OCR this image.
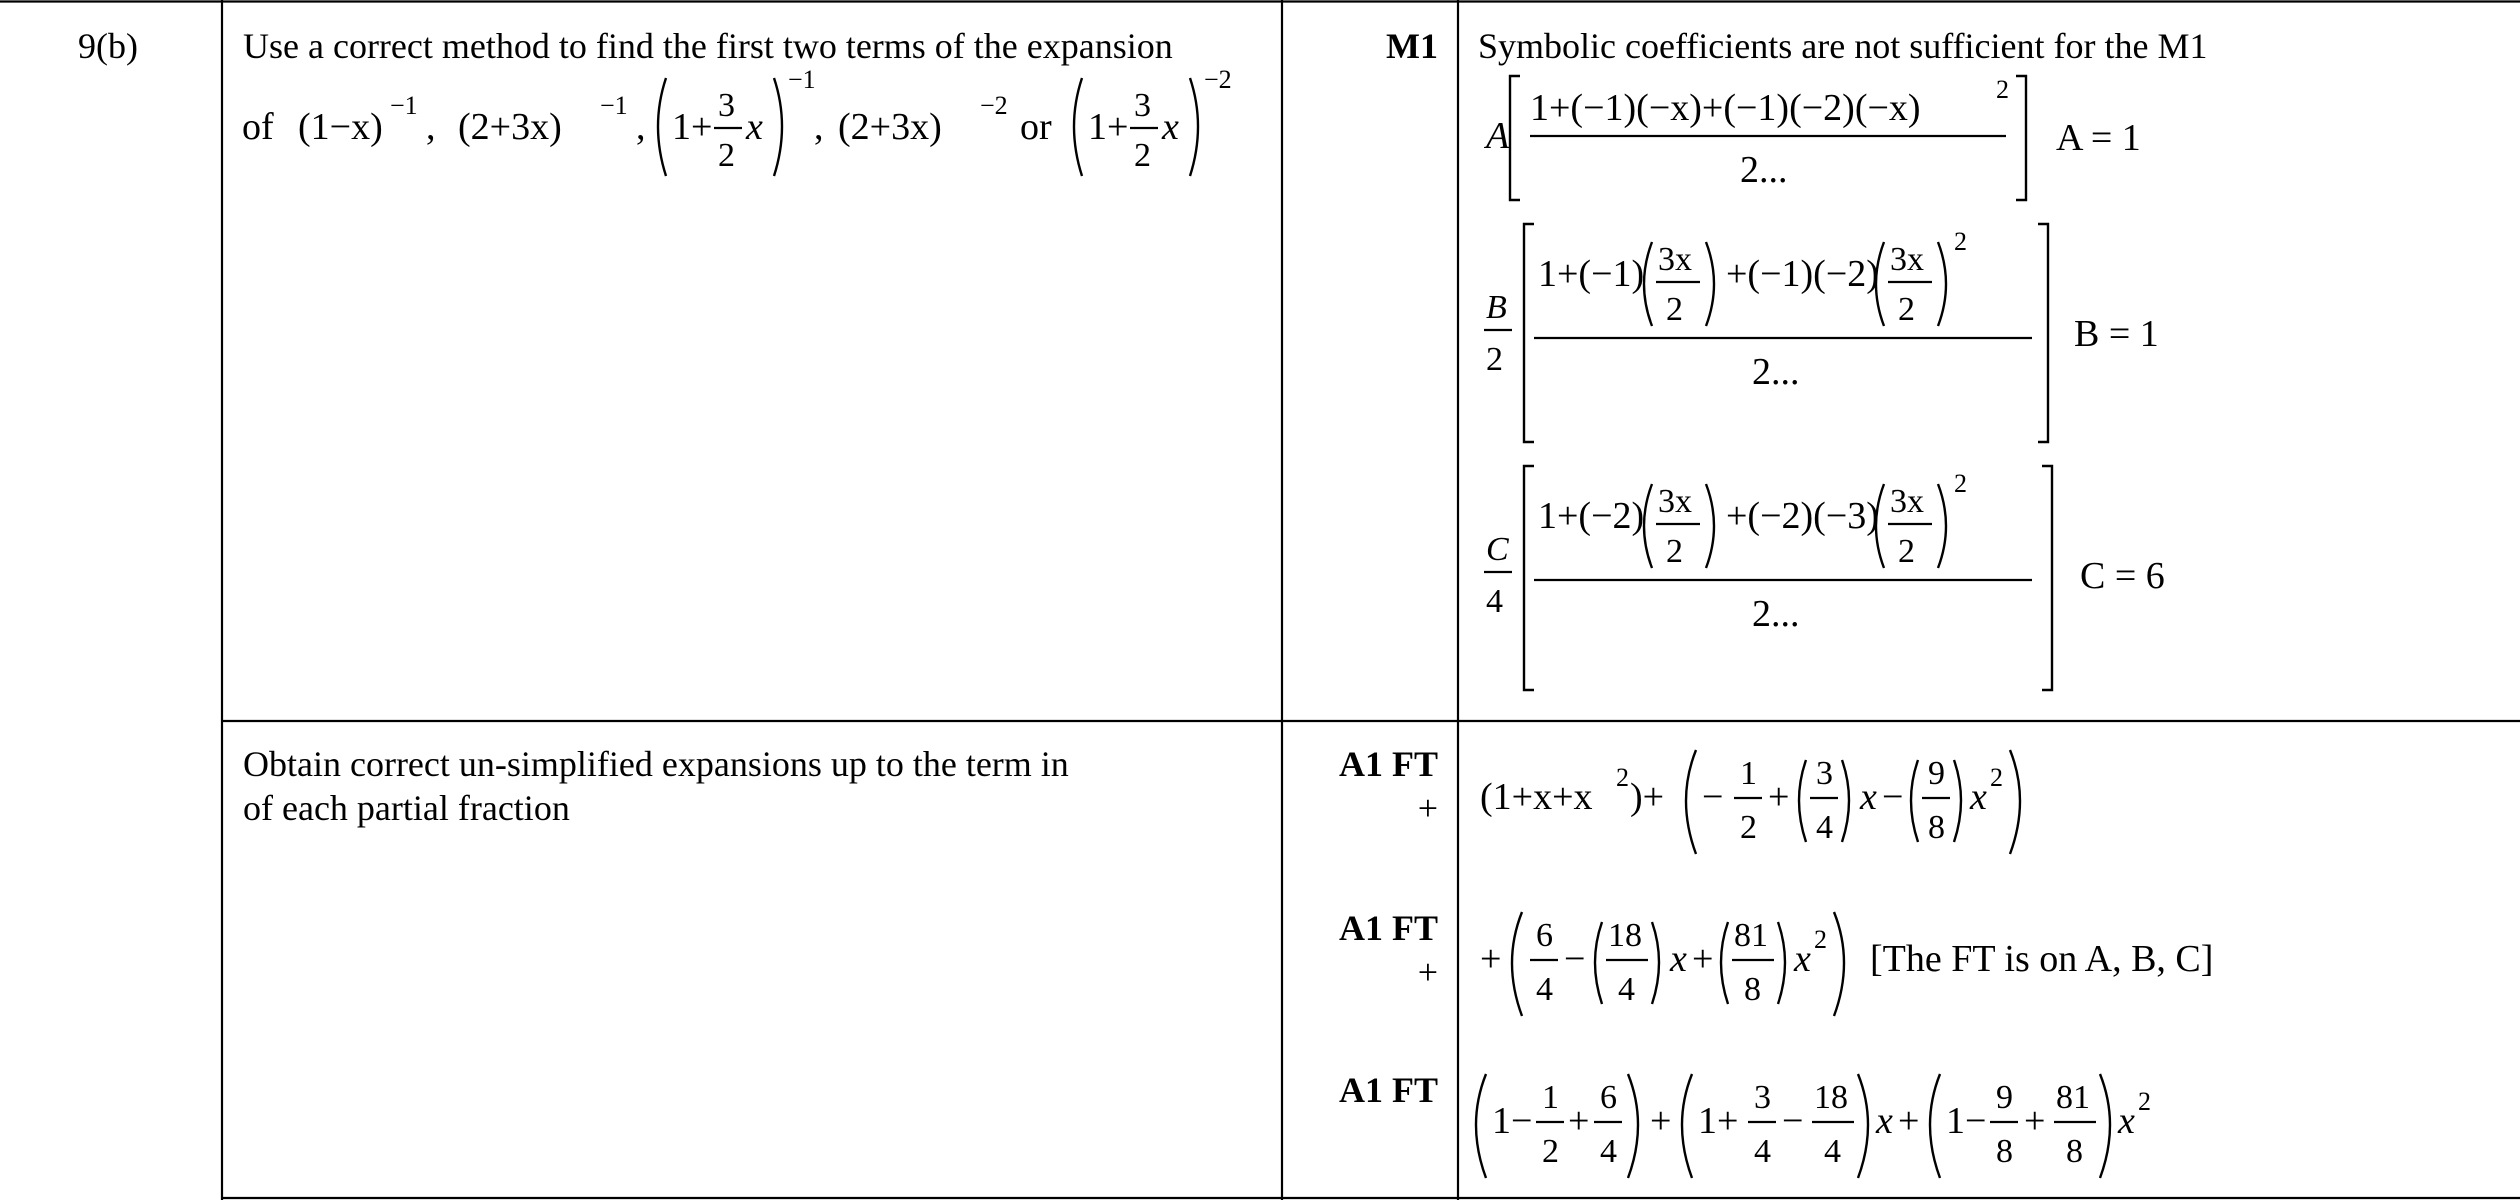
9(b)	Use a correct method to find the first two terms of the expansion
of (1−x)
−1
, (2+3x)
−1
, 1+
3
2
x
−1
, (2+3x)
−2
or 1+
3
2
x
−2
M1 Symbolic coefficients are not sufficient for the M1
A
1+(−1)(−x)+(−1)(−2)(−x)	2
2...
A = 1
B
2
1+(−1) 3x
2
+(−1)(−2) 3x
2
2
2...
B = 1
C
4
1+(−2) 3x
2
+(−2)(−3) 3x
2
2
2...
C = 6
Obtain correct un-simplified expansions up to the term in
of each partial fraction
A1 FT
+
A1 FT
+
A1 FT
(1+x+x 2 )+ −
1
2
+
3
4
x −
9
8
x 2
+
6
4
−
18
4
x +
81
8
x 2 [The FT is on A, B, C]
1−
1
2
+
6
4
+ 1+
3
4
−
18
4
x + 1−
9
8
+
81
8
x 2
